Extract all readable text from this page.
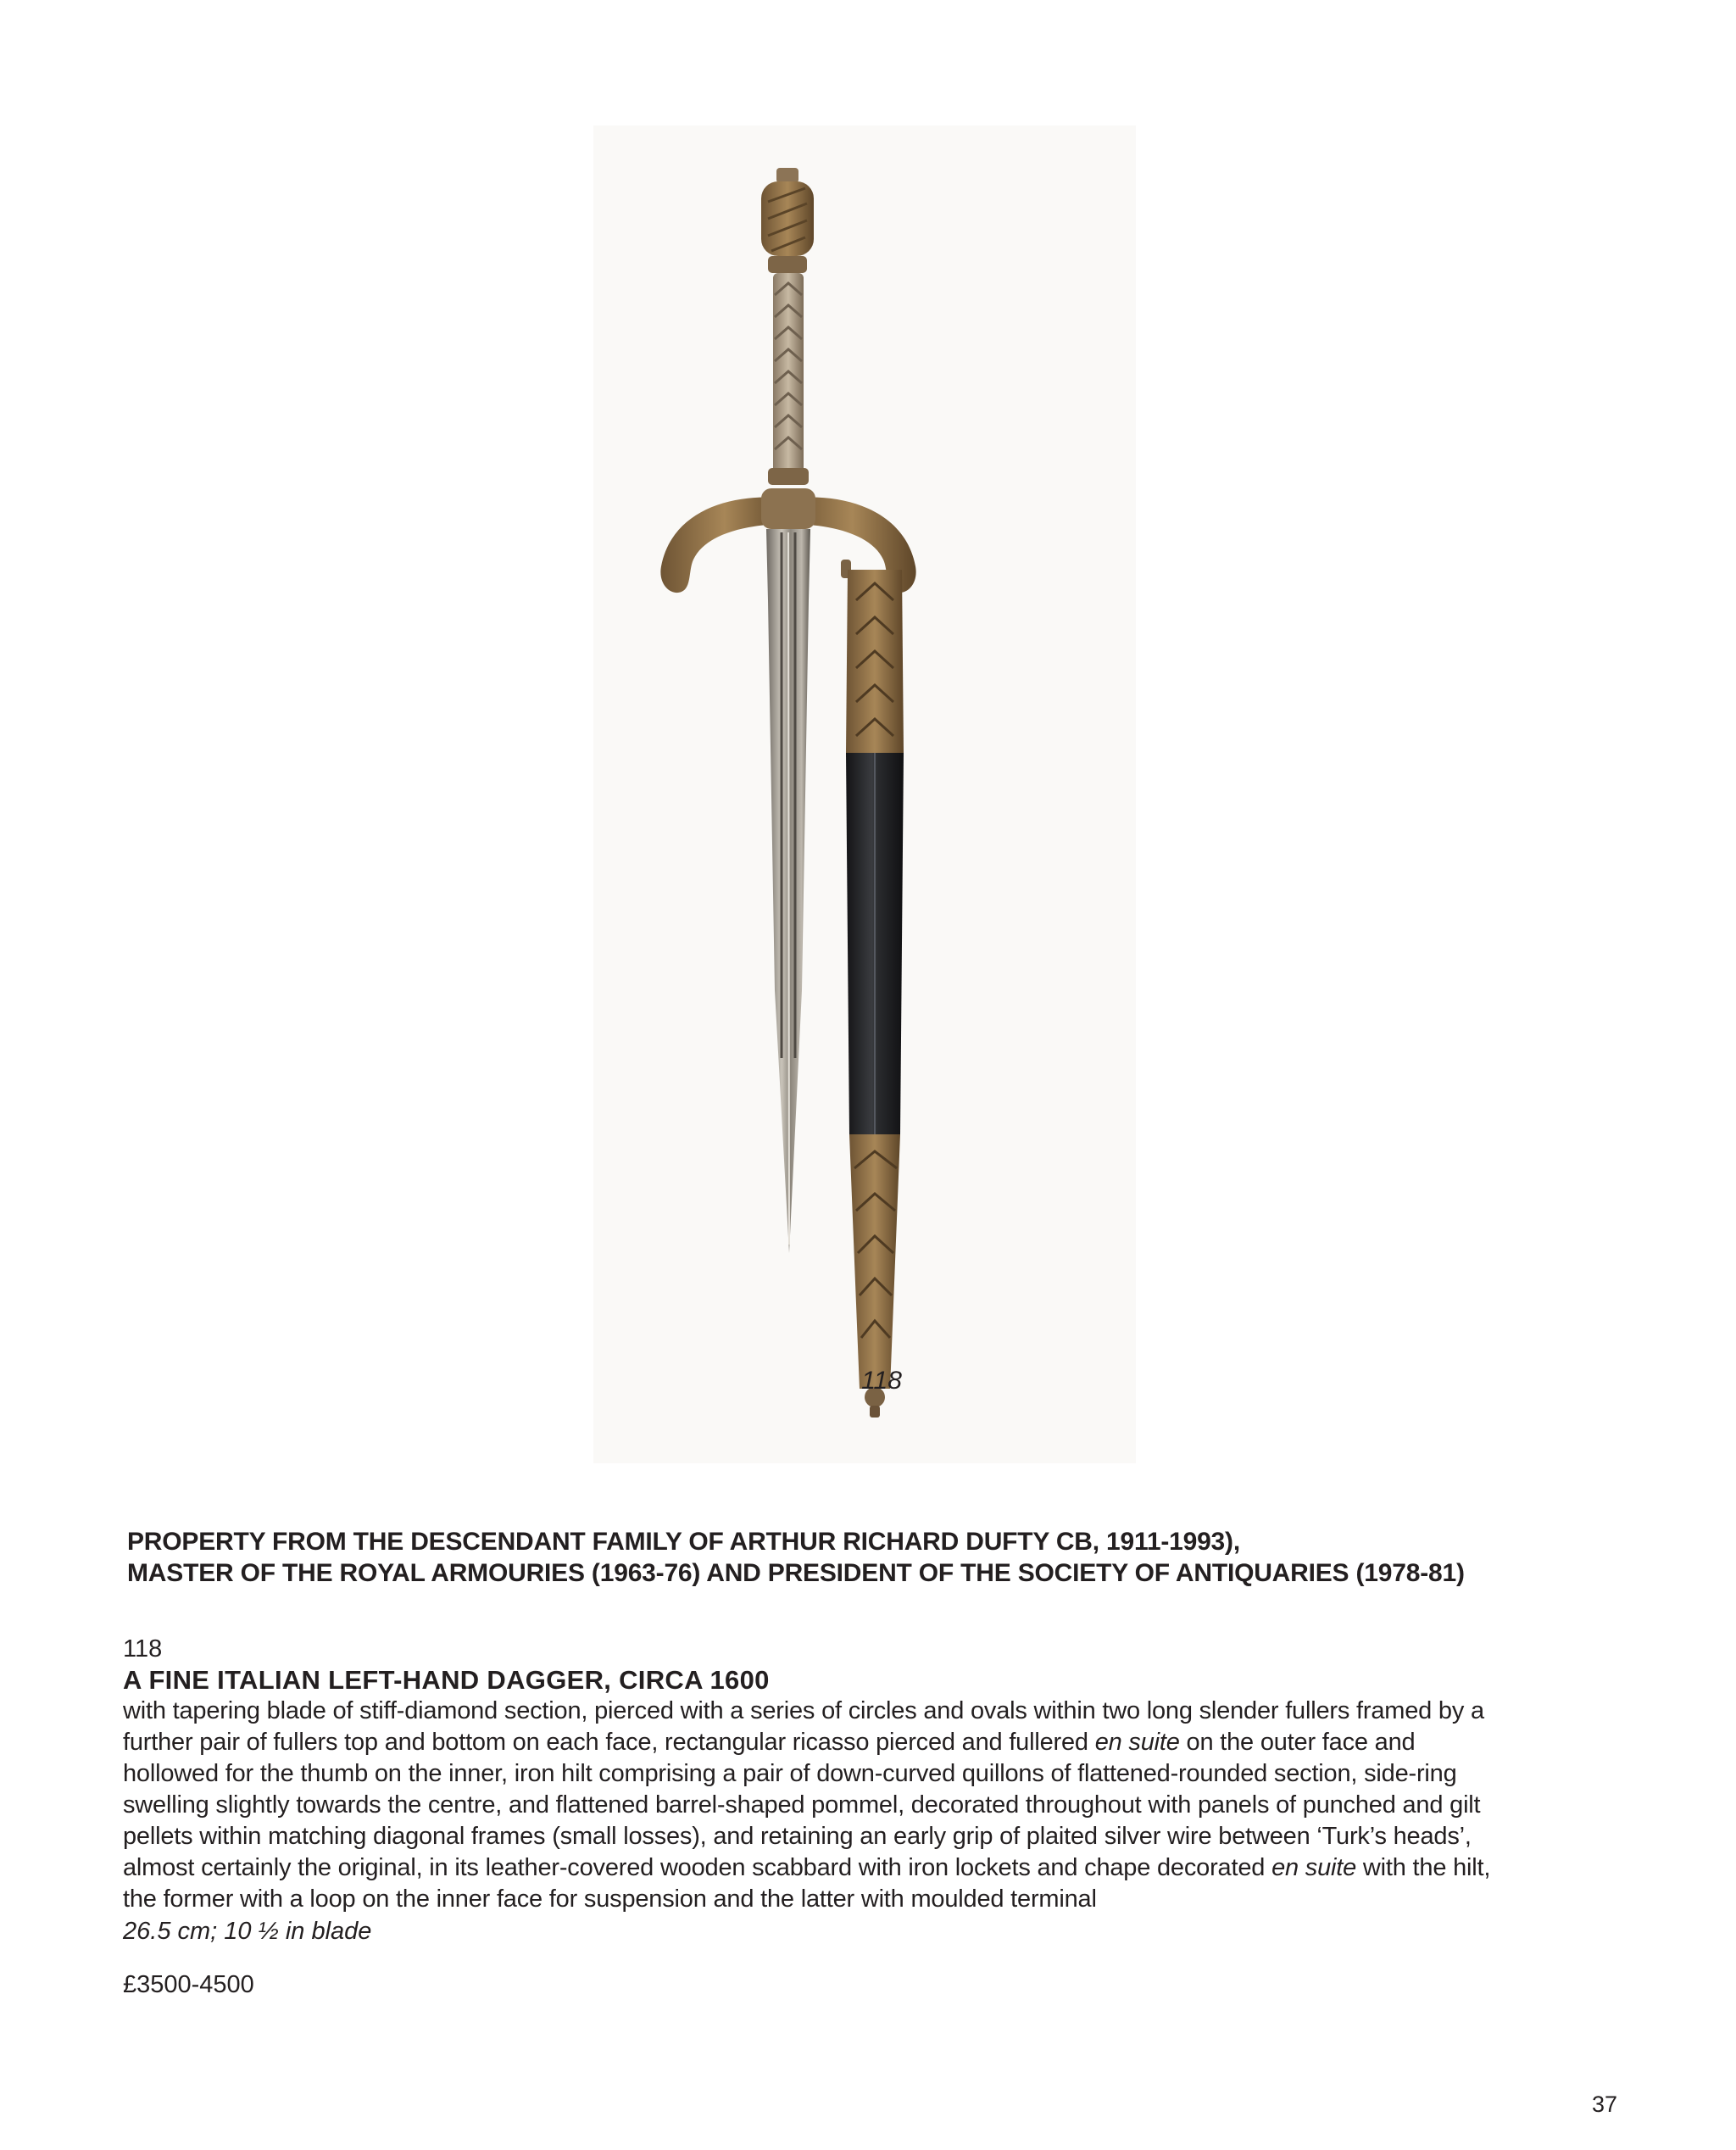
118
PROPERTY FROM THE DESCENDANT FAMILY OF ARTHUR RICHARD DUFTY CB, 1911-1993),
MASTER OF THE ROYAL ARMOURIES (1963-76) AND PRESIDENT OF THE SOCIETY OF ANTIQUARIES (1978-81)
118
A FINE ITALIAN LEFT-HAND DAGGER, CIRCA 1600
with tapering blade of stiff-diamond section, pierced with a series of circles and ovals within two long slender fullers framed by a
further pair of fullers top and bottom on each face, rectangular ricasso pierced and fullered en suite on the outer face and
hollowed for the thumb on the inner, iron hilt comprising a pair of down-curved quillons of flattened-rounded section, side-ring
swelling slightly towards the centre, and flattened barrel-shaped pommel, decorated throughout with panels of punched and gilt
pellets within matching diagonal frames (small losses), and retaining an early grip of plaited silver wire between ‘Turk’s heads’,
almost certainly the original, in its leather-covered wooden scabbard with iron lockets and chape decorated en suite with the hilt,
the former with a loop on the inner face for suspension and the latter with moulded terminal
26.5 cm; 10 ½ in blade
£3500-4500
37
